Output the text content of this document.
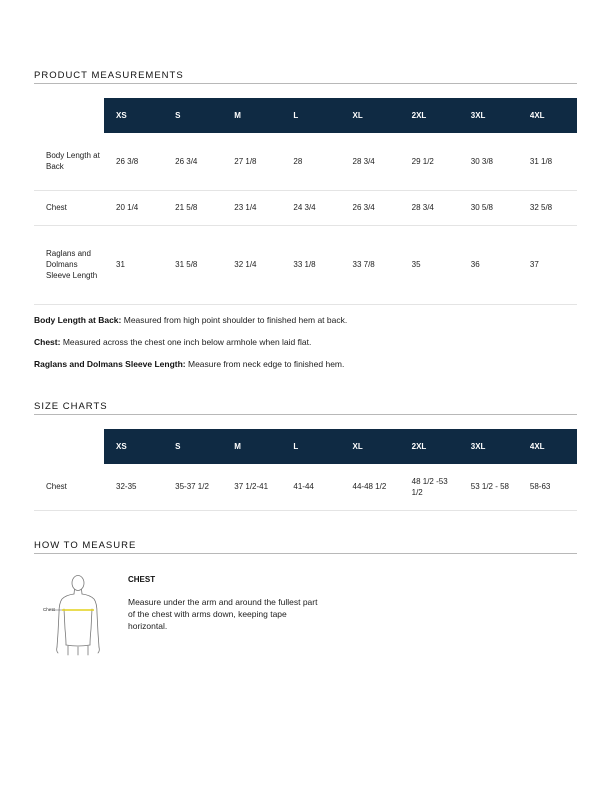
PRODUCT MEASUREMENTS
	XS	S	M	L	XL	2XL	3XL	4XL
Body Length at Back	26 3/8	26 3/4	27 1/8	28	28 3/4	29 1/2	30 3/8	31 1/8
Chest	20 1/4	21 5/8	23 1/4	24 3/4	26 3/4	28 3/4	30 5/8	32 5/8
Raglans and Dolmans Sleeve Length	31	31 5/8	32 1/4	33 1/8	33 7/8	35	36	37
Body Length at Back: Measured from high point shoulder to finished hem at back.
Chest: Measured across the chest one inch below armhole when laid flat.
Raglans and Dolmans Sleeve Length: Measure from neck edge to finished hem.
SIZE CHARTS
	XS	S	M	L	XL	2XL	3XL	4XL
Chest	32-35	35-37 1/2	37 1/2-41	41-44	44-48 1/2	48 1/2 -53 1/2	53 1/2 - 58	58-63
HOW TO MEASURE
Chest
CHEST
Measure under the arm and around the fullest part of the chest with arms down, keeping tape horizontal.
